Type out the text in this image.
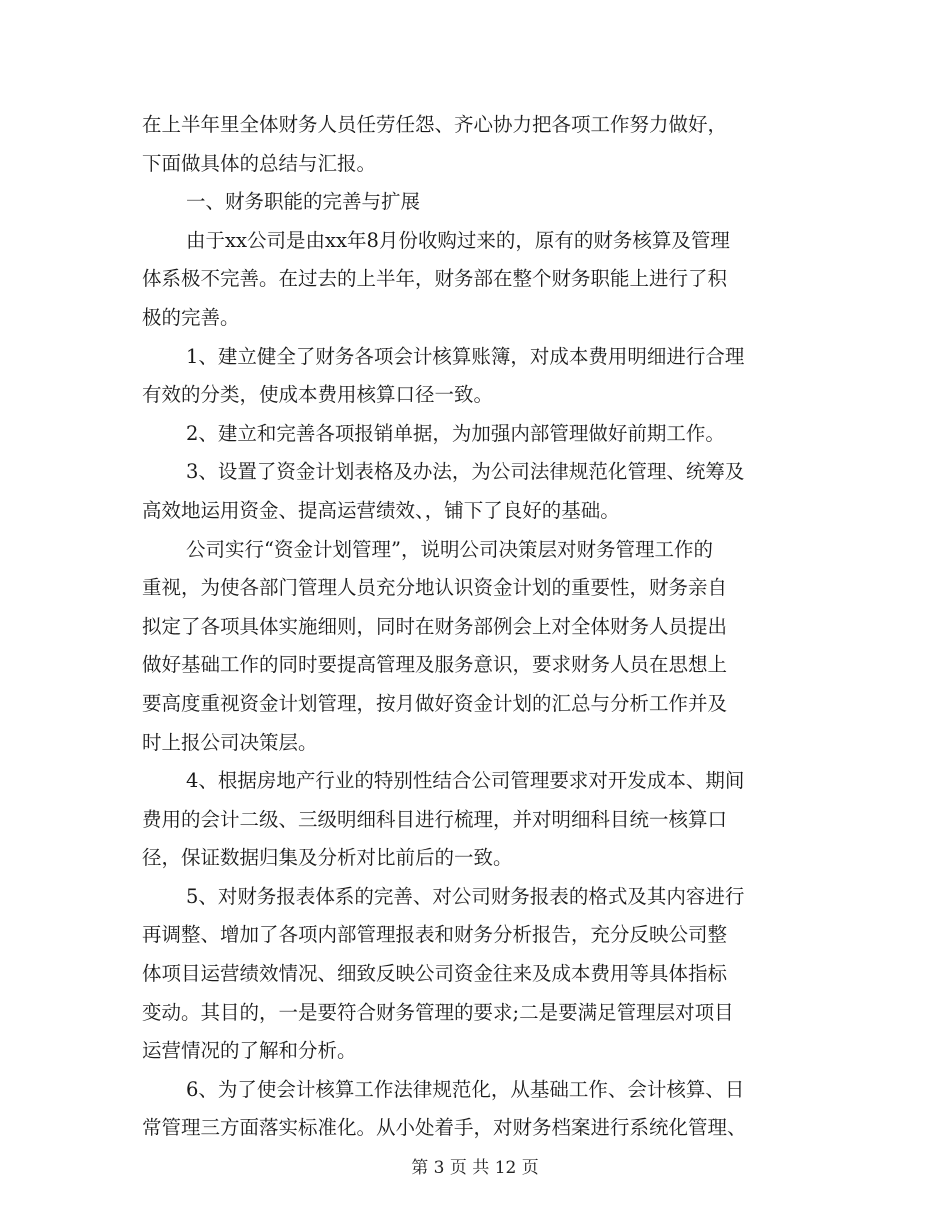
在上半年里全体财务人员任劳任怨、齐心协力把各项工作努力做好，
下面做具体的总结与汇报。
一、财务职能的完善与扩展
由于xx公司是由xx年8月份收购过来的，原有的财务核算及管理
体系极不完善。在过去的上半年，财务部在整个财务职能上进行了积
极的完善。
1、建立健全了财务各项会计核算账簿，对成本费用明细进行合理
有效的分类，使成本费用核算口径一致。
2、建立和完善各项报销单据，为加强内部管理做好前期工作。
3、设置了资金计划表格及办法，为公司法律规范化管理、统筹及
高效地运用资金、提高运营绩效、，铺下了良好的基础。
公司实行“资金计划管理”，说明公司决策层对财务管理工作的
重视，为使各部门管理人员充分地认识资金计划的重要性，财务亲自
拟定了各项具体实施细则，同时在财务部例会上对全体财务人员提出
做好基础工作的同时要提高管理及服务意识，要求财务人员在思想上
要高度重视资金计划管理，按月做好资金计划的汇总与分析工作并及
时上报公司决策层。
4、根据房地产行业的特别性结合公司管理要求对开发成本、期间
费用的会计二级、三级明细科目进行梳理，并对明细科目统一核算口
径，保证数据归集及分析对比前后的一致。
5、对财务报表体系的完善、对公司财务报表的格式及其内容进行
再调整、增加了各项内部管理报表和财务分析报告，充分反映公司整
体项目运营绩效情况、细致反映公司资金往来及成本费用等具体指标
变动。其目的，一是要符合财务管理的要求;二是要满足管理层对项目
运营情况的了解和分析。
6、为了使会计核算工作法律规范化，从基础工作、会计核算、日
常管理三方面落实标准化。从小处着手，对财务档案进行系统化管理、
第 3 页 共 12 页
